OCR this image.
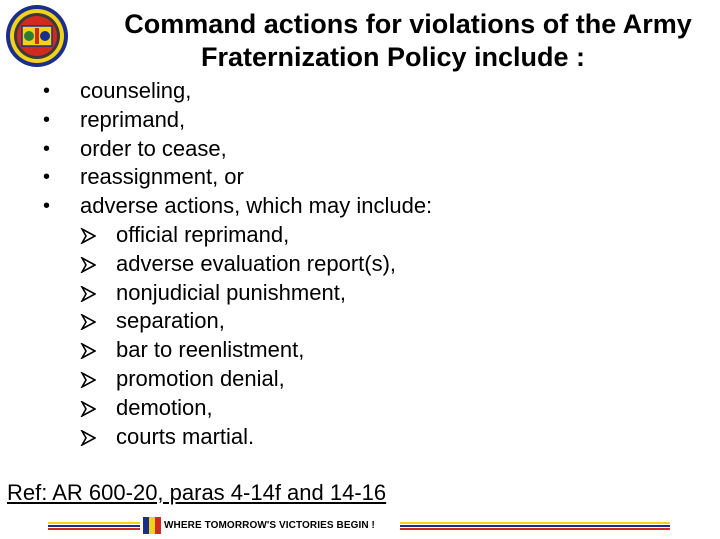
Command actions for violations of the Army
Fraternization Policy include :
• counseling,
• reprimand,
• order to cease,
• reassignment, or
• adverse actions, which may include:
official reprimand,
adverse evaluation report(s),
nonjudicial punishment,
separation,
bar to reenlistment,
promotion denial,
demotion,
courts martial.
Ref: AR 600-20, paras 4-14f and 14-16
WHERE TOMORROW'S VICTORIES BEGIN !
